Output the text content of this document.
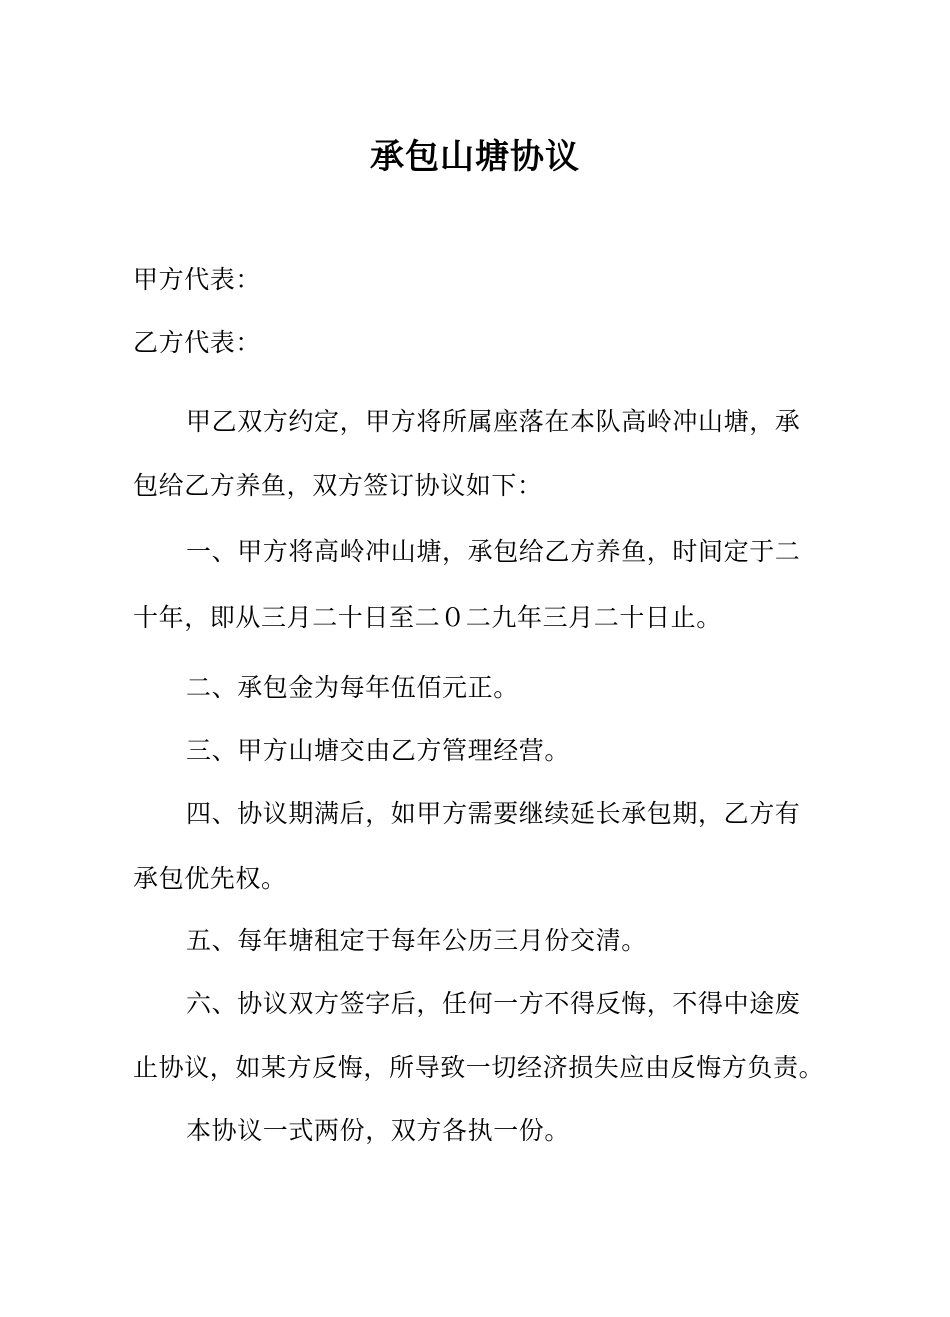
承包山塘协议
甲方代表：
乙方代表：
甲乙双方约定，甲方将所属座落在本队高岭冲山塘，承
包给乙方养鱼，双方签订协议如下：
一、甲方将高岭冲山塘，承包给乙方养鱼，时间定于二
十年，即从三月二十日至二０二九年三月二十日止。
二、承包金为每年伍佰元正。
三、甲方山塘交由乙方管理经营。
四、协议期满后，如甲方需要继续延长承包期，乙方有
承包优先权。
五、每年塘租定于每年公历三月份交清。
六、协议双方签字后，任何一方不得反悔，不得中途废
止协议，如某方反悔，所导致一切经济损失应由反悔方负责。
本协议一式两份，双方各执一份。
